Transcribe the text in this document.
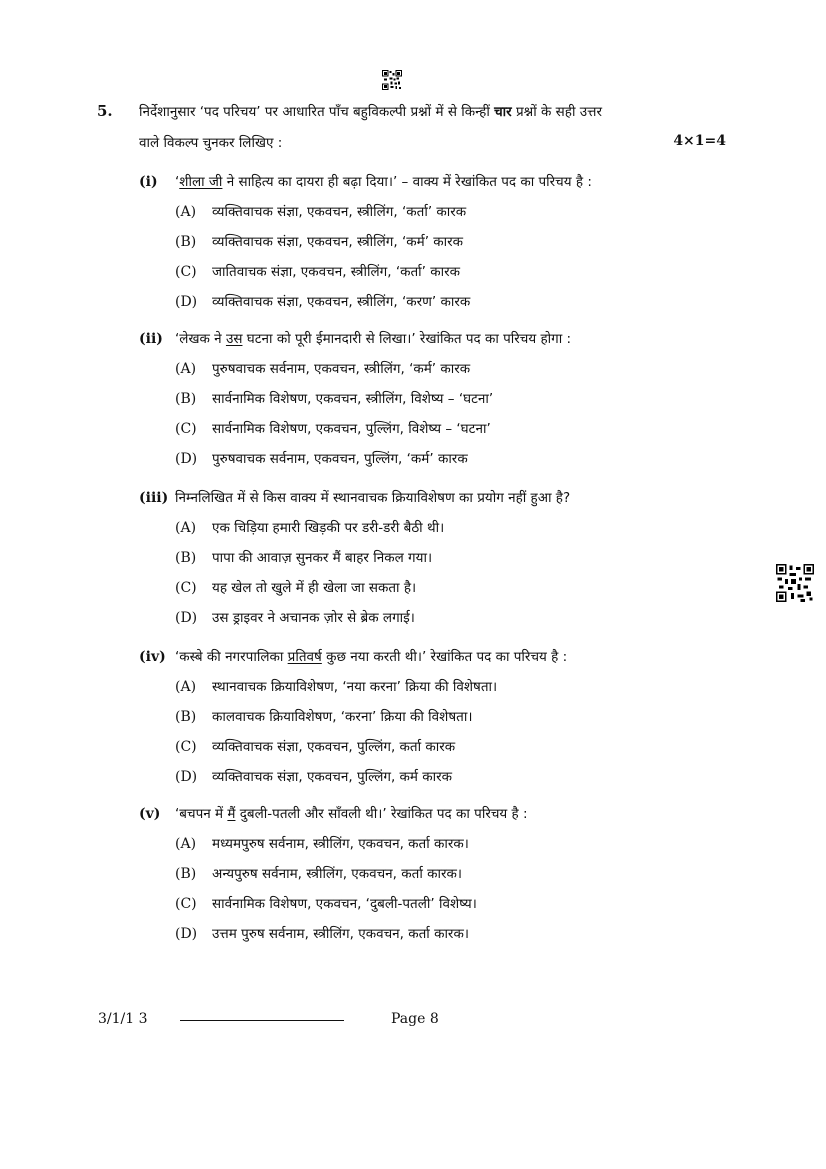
5. निर्देशानुसार ‘पद परिचय’ पर आधारित पाँच बहुविकल्पी प्रश्नों में से किन्हीं चार प्रश्नों के सही उत्तर
वाले विकल्प चुनकर लिखिए :	4×1=4
(i)	‘शीला जी ने साहित्य का दायरा ही बढ़ा दिया।’ – वाक्य में रेखांकित पद का परिचय है :
(A)	व्यक्तिवाचक संज्ञा, एकवचन, स्त्रीलिंग, ‘कर्ता’ कारक
(B)	व्यक्तिवाचक संज्ञा, एकवचन, स्त्रीलिंग, ‘कर्म’ कारक
(C)	जातिवाचक संज्ञा, एकवचन, स्त्रीलिंग, ‘कर्ता’ कारक
(D)	व्यक्तिवाचक संज्ञा, एकवचन, स्त्रीलिंग, ‘करण’ कारक
(ii) ‘लेखक ने उस घटना को पूरी ईमानदारी से लिखा।’ रेखांकित पद का परिचय होगा :
(A)	पुरुषवाचक सर्वनाम, एकवचन, स्त्रीलिंग, ‘कर्म’ कारक
(B)	सार्वनामिक विशेषण, एकवचन, स्त्रीलिंग, विशेष्य – ‘घटना’
(C)	सार्वनामिक विशेषण, एकवचन, पुल्लिंग, विशेष्य – ‘घटना’
(D)	पुरुषवाचक सर्वनाम, एकवचन, पुल्लिंग, ‘कर्म’ कारक
(iii) निम्नलिखित में से किस वाक्य में स्थानवाचक क्रियाविशेषण का प्रयोग नहीं हुआ है?
(A)	एक चिड़िया हमारी खिड़की पर डरी-डरी बैठी थी।
(B)	पापा की आवाज़ सुनकर मैं बाहर निकल गया।
(C)	यह खेल तो खुले में ही खेला जा सकता है।
(D)	उस ड्राइवर ने अचानक ज़ोर से ब्रेक लगाई।
(iv) ‘कस्बे की नगरपालिका प्रतिवर्ष कुछ नया करती थी।’ रेखांकित पद का परिचय है :
(A)	स्थानवाचक क्रियाविशेषण, ‘नया करना’ क्रिया की विशेषता।
(B)	कालवाचक क्रियाविशेषण, ‘करना’ क्रिया की विशेषता।
(C)	व्यक्तिवाचक संज्ञा, एकवचन, पुल्लिंग, कर्ता कारक
(D)	व्यक्तिवाचक संज्ञा, एकवचन, पुल्लिंग, कर्म कारक
(v)	‘बचपन में मैं दुबली-पतली और साँवली थी।’ रेखांकित पद का परिचय है :
(A)	मध्यमपुरुष सर्वनाम, स्त्रीलिंग, एकवचन, कर्ता कारक।
(B)	अन्यपुरुष सर्वनाम, स्त्रीलिंग, एकवचन, कर्ता कारक।
(C)	सार्वनामिक विशेषण, एकवचन, ‘दुबली-पतली’ विशेष्य।
(D)	उत्तम पुरुष सर्वनाम, स्त्रीलिंग, एकवचन, कर्ता कारक।
3/1/1 3	Page 8
